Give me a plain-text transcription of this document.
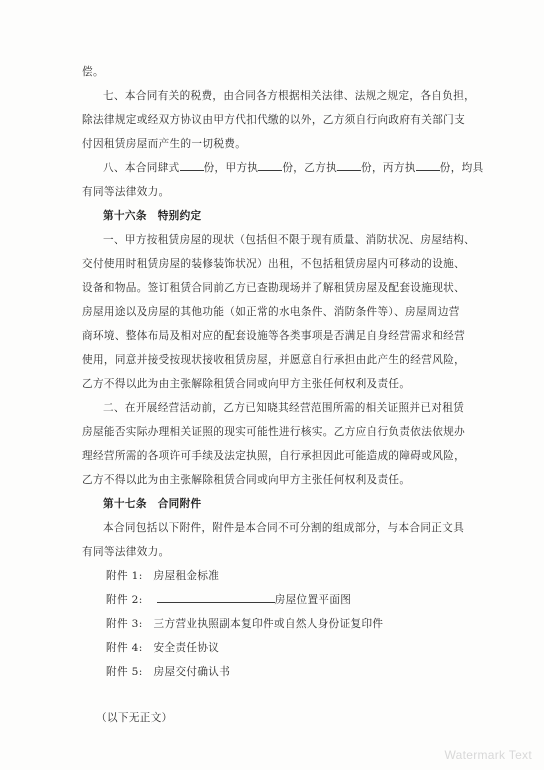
偿。

七、本合同有关的税费，由合同各方根据相关法律、法规之规定，各自负担，

除法律规定或经双方协议由甲方代扣代缴的以外，乙方须自行向政府有关部门支

付因租赁房屋而产生的一切税费。

八、本合同肆式 份，甲方执 份，乙方执 份，丙方执 份，均具

有同等法律效力。

第十六条　特别约定

一、甲方按租赁房屋的现状（包括但不限于现有质量、消防状况、房屋结构、

交付使用时租赁房屋的装修装饰状况）出租，不包括租赁房屋内可移动的设施、

设备和物品。签订租赁合同前乙方已查勘现场并了解租赁房屋及配套设施现状、

房屋用途以及房屋的其他功能（如正常的水电条件、消防条件等）、房屋周边营

商环境、整体布局及相对应的配套设施等各类事项是否满足自身经营需求和经营

使用，同意并接受按现状接收租赁房屋，并愿意自行承担由此产生的经营风险，

乙方不得以此为由主张解除租赁合同或向甲方主张任何权利及责任。

二、在开展经营活动前，乙方已知晓其经营范围所需的相关证照并已对租赁

房屋能否实际办理相关证照的现实可能性进行核实。乙方应自行负责依法依规办

理经营所需的各项许可手续及法定执照，自行承担因此可能造成的障碍或风险，

乙方不得以此为由主张解除租赁合同或向甲方主张任何权利及责任。

第十七条　合同附件

本合同包括以下附件，附件是本合同不可分割的组成部分，与本合同正文具

有同等法律效力。

附件 1:　房屋租金标准
附件 2:	房屋位置平面图
附件 3:　三方营业执照副本复印件或自然人身份证复印件
附件 4:　安全责任协议
附件 5:　房屋交付确认书

（以下无正文）

Watermark Text
